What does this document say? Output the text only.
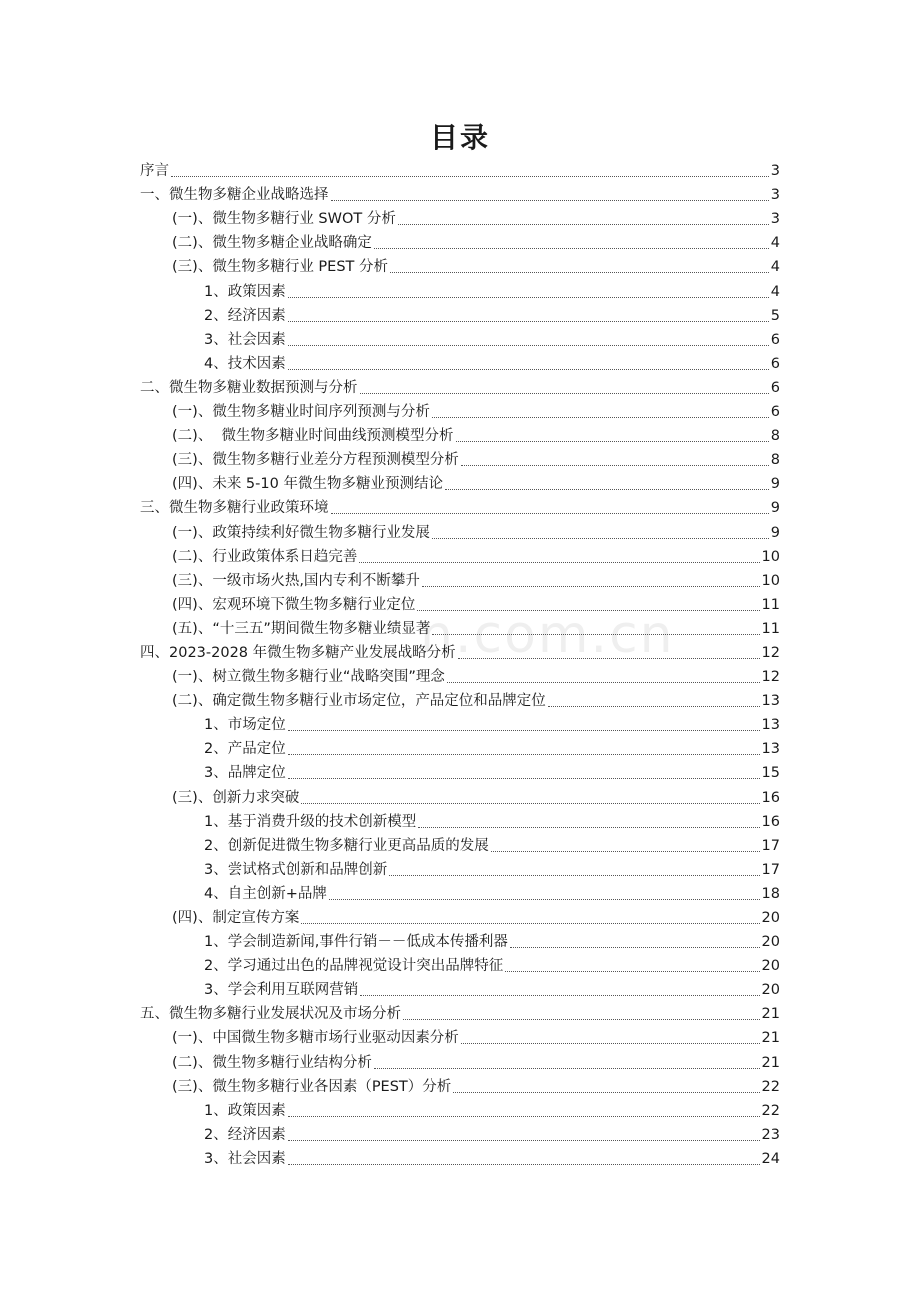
目录
序言	3
一、微生物多糖企业战略选择	3
(一)、微生物多糖行业 SWOT 分析	3
(二)、微生物多糖企业战略确定	4
(三)、微生物多糖行业 PEST 分析	4
1、政策因素	4
2、经济因素	5
3、社会因素	6
4、技术因素	6
二、微生物多糖业数据预测与分析	6
(一)、微生物多糖业时间序列预测与分析	6
(二)、  微生物多糖业时间曲线预测模型分析	8
(三)、微生物多糖行业差分方程预测模型分析	8
(四)、未来 5-10 年微生物多糖业预测结论	9
三、微生物多糖行业政策环境	9
(一)、政策持续利好微生物多糖行业发展	9
(二)、行业政策体系日趋完善	10
(三)、一级市场火热,国内专利不断攀升	10
(四)、宏观环境下微生物多糖行业定位	11
(五)、“十三五”期间微生物多糖业绩显著	11
四、2023-2028 年微生物多糖产业发展战略分析	12
(一)、树立微生物多糖行业“战略突围”理念	12
(二)、确定微生物多糖行业市场定位，产品定位和品牌定位	13
1、市场定位	13
2、产品定位	13
3、品牌定位	15
(三)、创新力求突破	16
1、基于消费升级的技术创新模型	16
2、创新促进微生物多糖行业更高品质的发展	17
3、尝试格式创新和品牌创新	17
4、自主创新+品牌	18
(四)、制定宣传方案	20
1、学会制造新闻,事件行销－－低成本传播利器	20
2、学习通过出色的品牌视觉设计突出品牌特征	20
3、学会利用互联网营销	20
五、微生物多糖行业发展状况及市场分析	21
(一)、中国微生物多糖市场行业驱动因素分析	21
(二)、微生物多糖行业结构分析	21
(三)、微生物多糖行业各因素（PEST）分析	22
1、政策因素	22
2、经济因素	23
3、社会因素	24
n.com.cn
